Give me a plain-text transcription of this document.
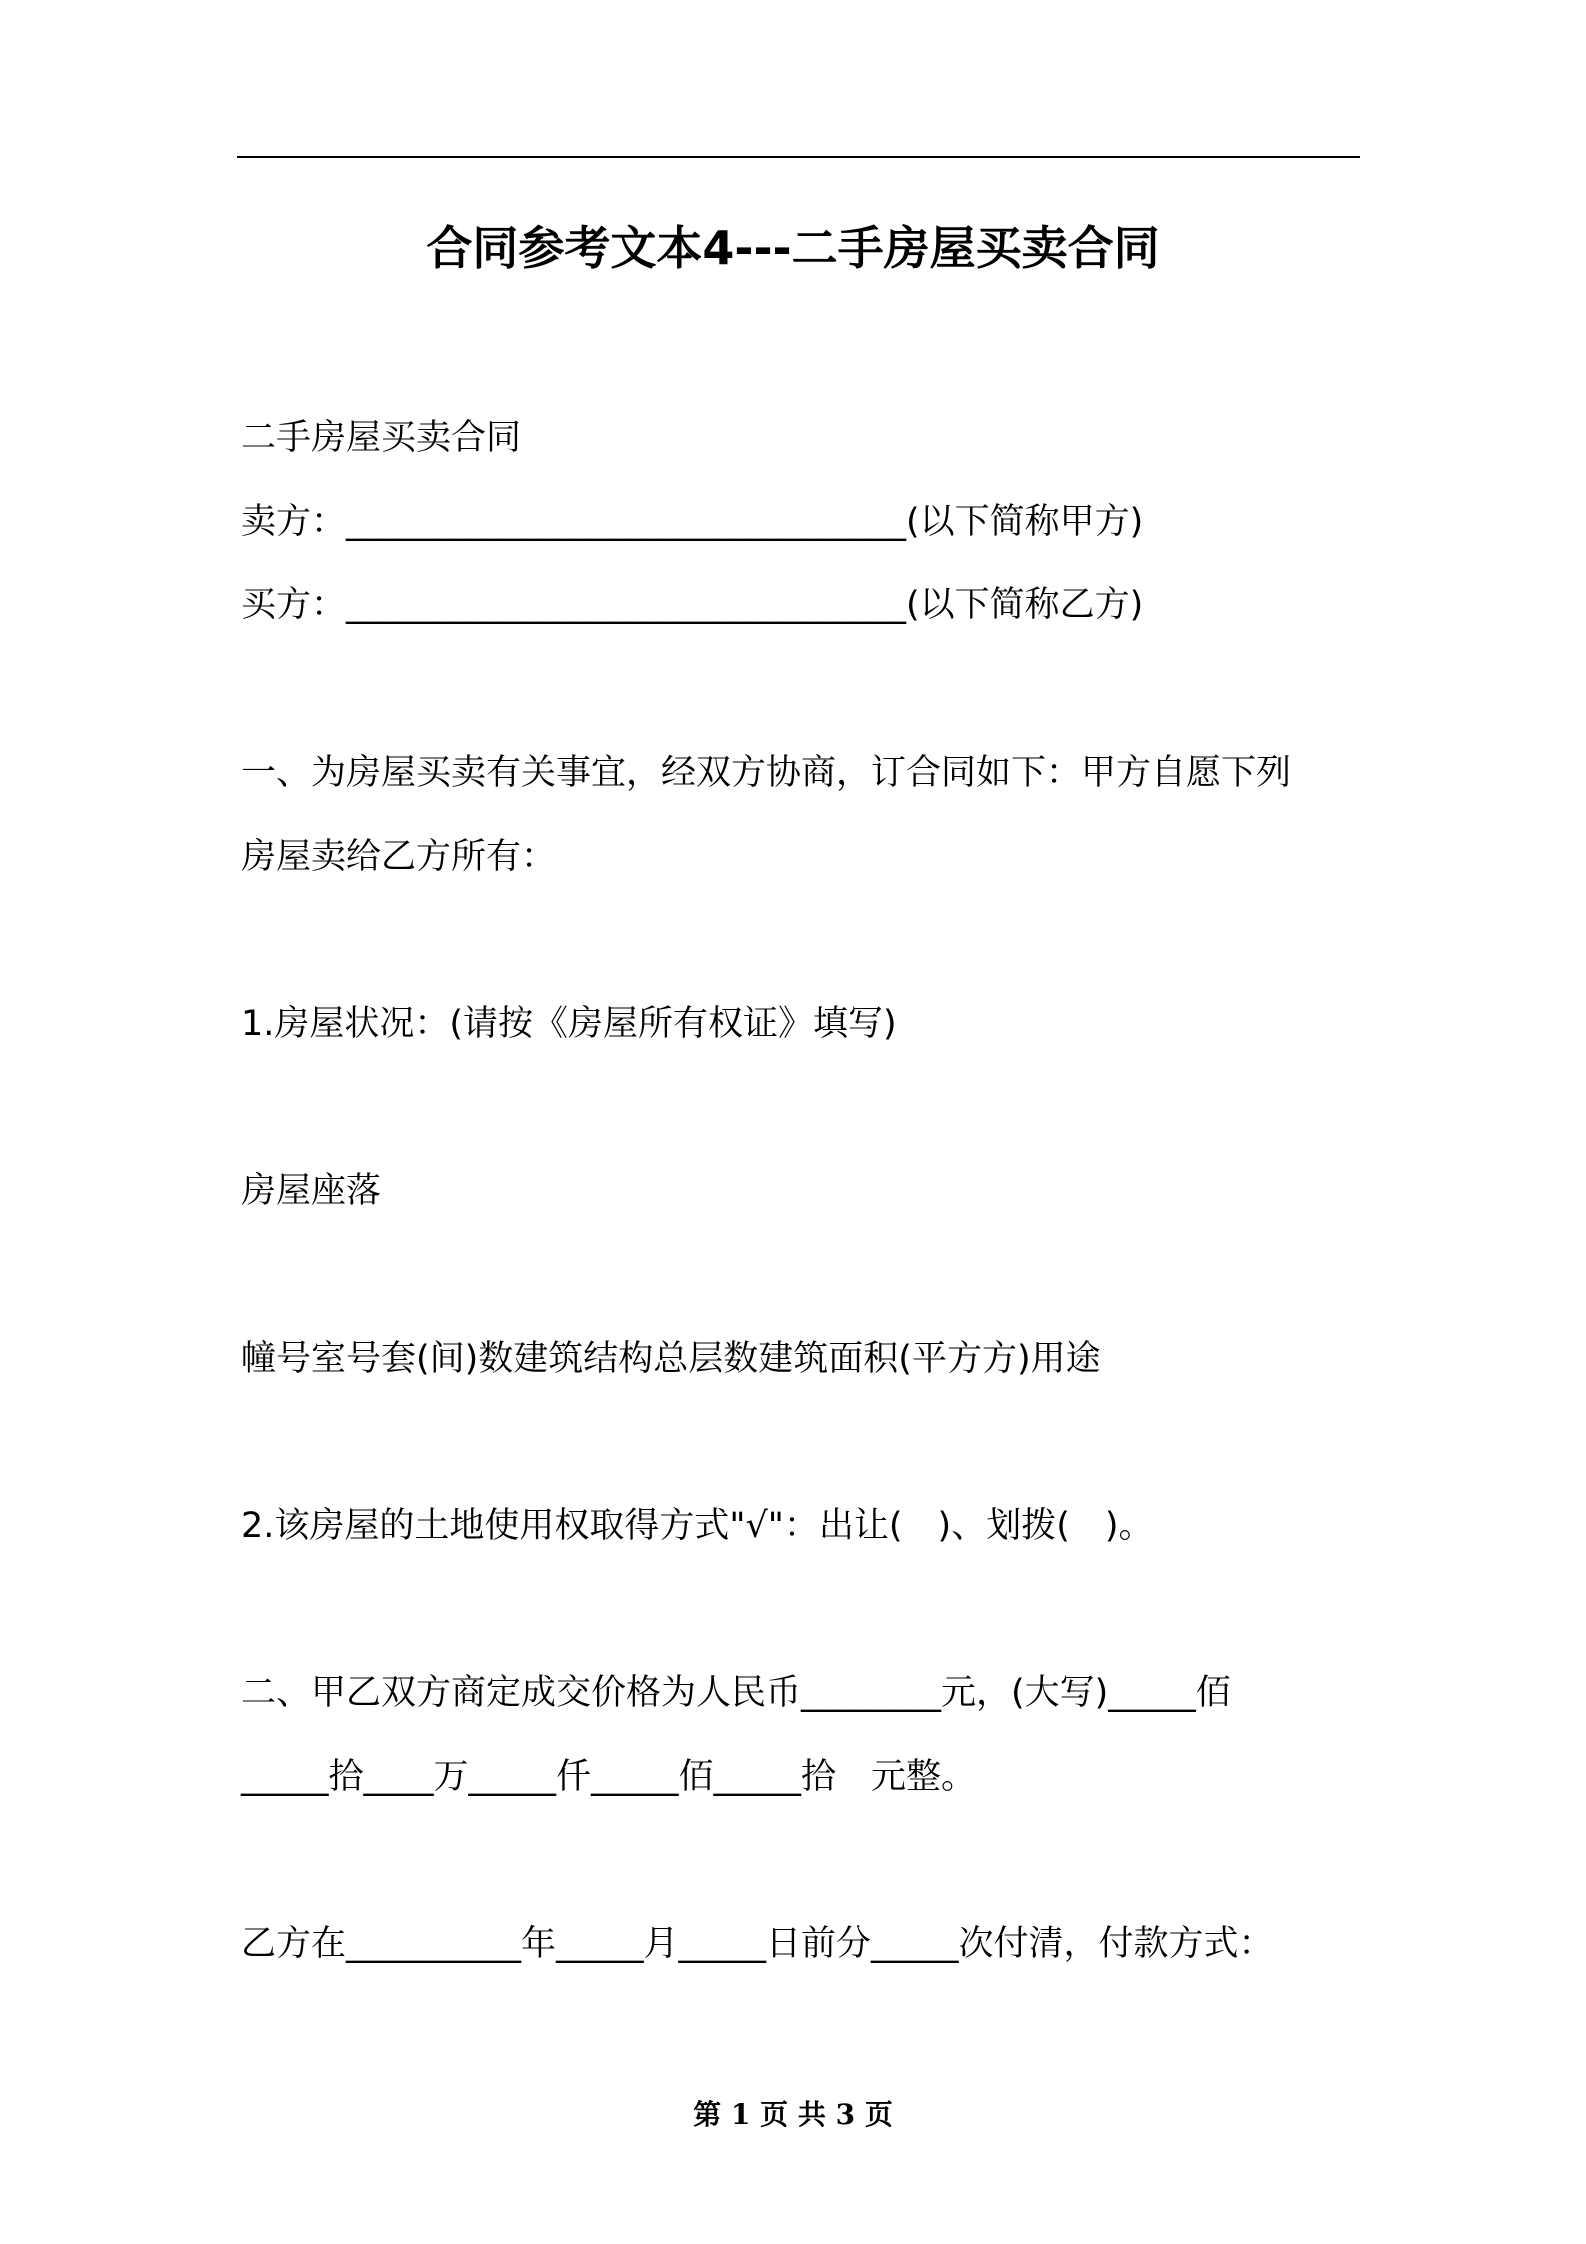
合同参考文本4---二手房屋买卖合同
二手房屋买卖合同
卖方：________________________________(以下简称甲方)
买方：________________________________(以下简称乙方)
一、为房屋买卖有关事宜，经双方协商，订合同如下：甲方自愿下列
房屋卖给乙方所有：
1.房屋状况：(请按《房屋所有权证》填写)
房屋座落
幢号室号套(间)数建筑结构总层数建筑面积(平方方)用途
2.该房屋的土地使用权取得方式"√"：出让(　)、划拨(　)。
二、甲乙双方商定成交价格为人民币________元，(大写)_____佰
_____拾____万_____仟_____佰_____拾　元整。
乙方在__________年_____月_____日前分_____次付清，付款方式：
第 1 页 共 3 页
